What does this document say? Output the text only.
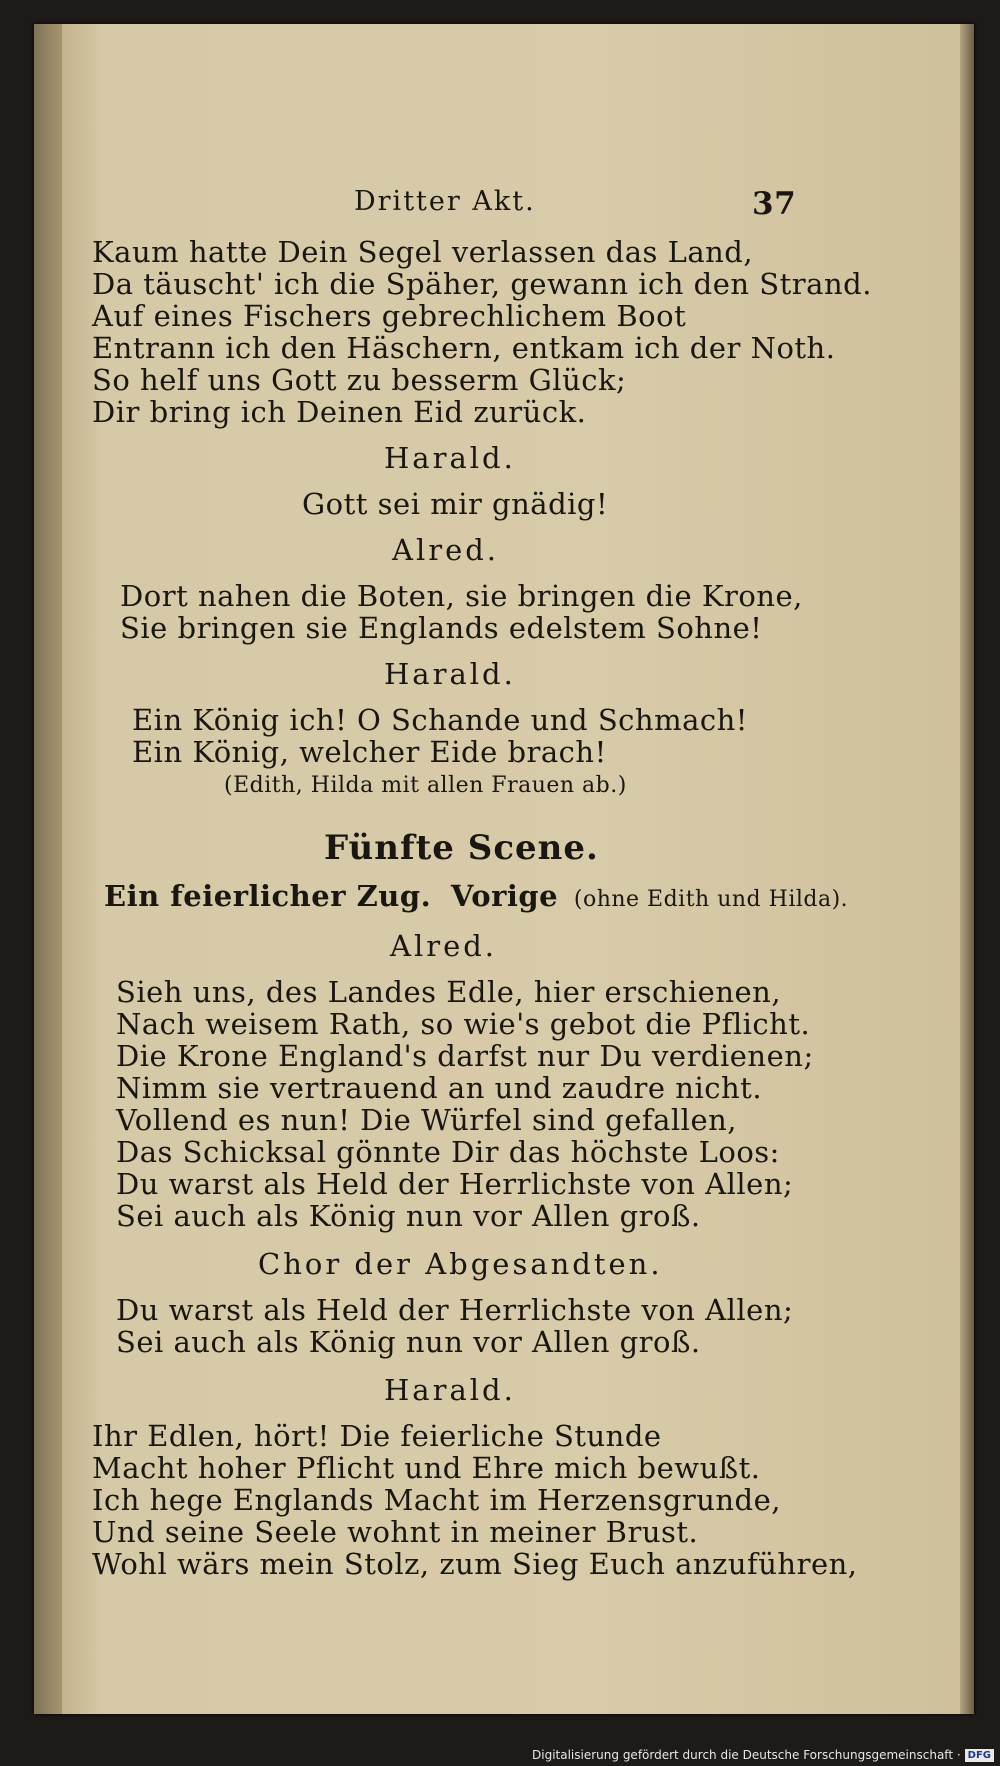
Dritter Akt.	37
Kaum hatte Dein Segel verlassen das Land,
Da täuscht' ich die Späher, gewann ich den Strand.
Auf eines Fischers gebrechlichem Boot
Entrann ich den Häschern, entkam ich der Noth.
So helf uns Gott zu besserm Glück;
Dir bring ich Deinen Eid zurück.
Harald.
Gott sei mir gnädig!
Alred.
Dort nahen die Boten, sie bringen die Krone,
Sie bringen sie Englands edelstem Sohne!
Harald.
Ein König ich! O Schande und Schmach!
Ein König, welcher Eide brach!
(Edith, Hilda mit allen Frauen ab.)
Fünfte Scene.
Ein feierlicher Zug. Vorige (ohne Edith und Hilda).
Alred.
Sieh uns, des Landes Edle, hier erschienen,
Nach weisem Rath, so wie's gebot die Pflicht.
Die Krone England's darfst nur Du verdienen;
Nimm sie vertrauend an und zaudre nicht.
Vollend es nun! Die Würfel sind gefallen,
Das Schicksal gönnte Dir das höchste Loos:
Du warst als Held der Herrlichste von Allen;
Sei auch als König nun vor Allen groß.
Chor der Abgesandten.
Du warst als Held der Herrlichste von Allen;
Sei auch als König nun vor Allen groß.
Harald.
Ihr Edlen, hört! Die feierliche Stunde
Macht hoher Pflicht und Ehre mich bewußt.
Ich hege Englands Macht im Herzensgrunde,
Und seine Seele wohnt in meiner Brust.
Wohl wärs mein Stolz, zum Sieg Euch anzuführen,
Digitalisierung gefördert durch die Deutsche Forschungsgemeinschaft · DFG
